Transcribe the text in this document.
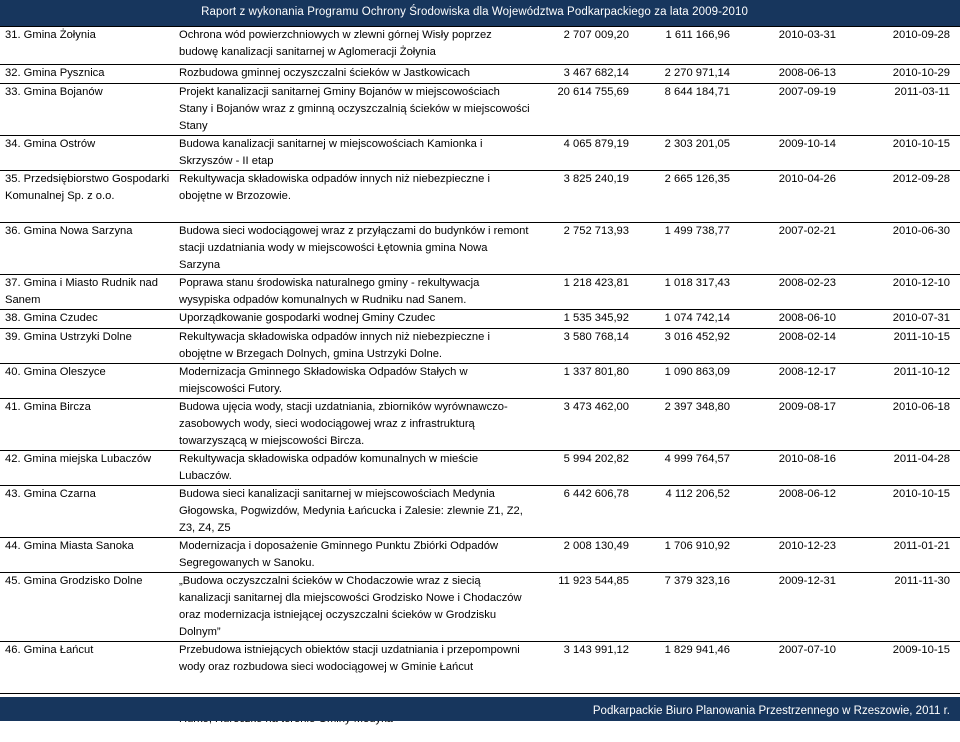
Raport z wykonania Programu Ochrony Środowiska dla Województwa Podkarpackiego za lata 2009-2010
31. Gmina Żołynia	Ochrona wód powierzchniowych w zlewni górnej Wisły poprzez budowę kanalizacji sanitarnej w Aglomeracji Żołynia	2 707 009,20	1 611 166,96	2010-03-31	2010-09-28
32. Gmina Pysznica	Rozbudowa gminnej oczyszczalni ścieków w Jastkowicach	3 467 682,14	2 270 971,14	2008-06-13	2010-10-29
33. Gmina Bojanów	Projekt kanalizacji sanitarnej Gminy Bojanów w miejscowościach Stany i Bojanów wraz z gminną oczyszczalnią ścieków w miejscowości Stany	20 614 755,69	8 644 184,71	2007-09-19	2011-03-11
34. Gmina Ostrów	Budowa kanalizacji sanitarnej w miejscowościach Kamionka i Skrzyszów - II etap	4 065 879,19	2 303 201,05	2009-10-14	2010-10-15
35. Przedsiębiorstwo Gospodarki Komunalnej Sp. z o.o.	Rekultywacja składowiska odpadów innych niż niebezpieczne i obojętne w Brzozowie.	3 825 240,19	2 665 126,35	2010-04-26	2012-09-28
36. Gmina Nowa Sarzyna	Budowa sieci wodociągowej wraz z przyłączami do budynków i remont stacji uzdatniania wody w miejscowości Łętownia gmina Nowa Sarzyna	2 752 713,93	1 499 738,77	2007-02-21	2010-06-30
37. Gmina i Miasto Rudnik nad Sanem	Poprawa stanu środowiska naturalnego gminy - rekultywacja wysypiska odpadów komunalnych w Rudniku nad Sanem.	1 218 423,81	1 018 317,43	2008-02-23	2010-12-10
38. Gmina Czudec	Uporządkowanie gospodarki wodnej Gminy Czudec	1 535 345,92	1 074 742,14	2008-06-10	2010-07-31
39. Gmina Ustrzyki Dolne	Rekultywacja składowiska odpadów innych niż niebezpieczne i obojętne w Brzegach Dolnych, gmina Ustrzyki Dolne.	3 580 768,14	3 016 452,92	2008-02-14	2011-10-15
40. Gmina Oleszyce	Modernizacja Gminnego Składowiska Odpadów Stałych w miejscowości Futory.	1 337 801,80	1 090 863,09	2008-12-17	2011-10-12
41. Gmina Bircza	Budowa ujęcia wody, stacji uzdatniania, zbiorników wyrównawczo-zasobowych wody, sieci wodociągowej wraz z infrastrukturą towarzyszącą w miejscowości Bircza.	3 473 462,00	2 397 348,80	2009-08-17	2010-06-18
42. Gmina miejska Lubaczów	Rekultywacja składowiska odpadów komunalnych w mieście Lubaczów.	5 994 202,82	4 999 764,57	2010-08-16	2011-04-28
43. Gmina Czarna	Budowa sieci kanalizacji sanitarnej w miejscowościach Medynia Głogowska, Pogwizdów, Medynia Łańcucka i Zalesie: zlewnie Z1, Z2, Z3, Z4, Z5	6 442 606,78	4 112 206,52	2008-06-12	2010-10-15
44. Gmina Miasta Sanoka	Modernizacja i doposażenie Gminnego Punktu Zbiórki Odpadów Segregowanych w Sanoku.	2 008 130,49	1 706 910,92	2010-12-23	2011-01-21
45. Gmina Grodzisko Dolne	„Budowa oczyszczalni ścieków w Chodaczowie wraz z siecią kanalizacji sanitarnej dla miejscowości Grodzisko Nowe i Chodaczów oraz modernizacja istniejącej oczyszczalni ścieków w Grodzisku Dolnym”	11 923 544,85	7 379 323,16	2009-12-31	2011-11-30
46. Gmina Łańcut	Przebudowa istniejących obiektów stacji uzdatniania i przepompowni wody oraz rozbudowa sieci wodociągowej w Gminie Łańcut	3 143 991,12	1 829 941,46	2007-07-10	2009-10-15

Podkarpackie Biuro Planowania Przestrzennego w Rzeszowie, 2011 r.
